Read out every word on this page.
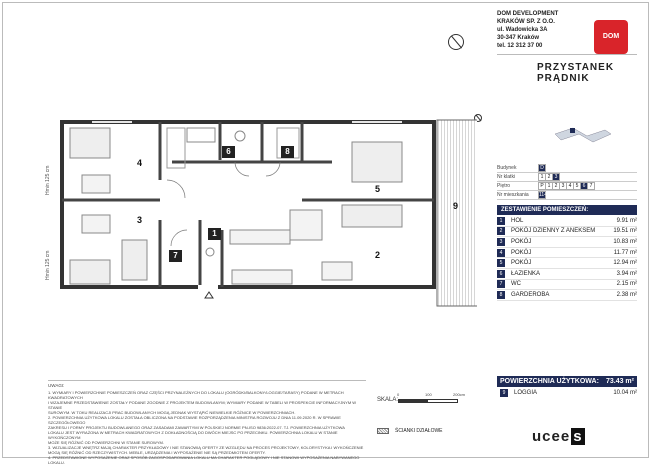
4
3
5
2
9
6	8
1
7
Hmin 125 cm
Hmin 125 cm
DOM DEVELOPMENT
KRAKÓW SP. Z O.O.
ul. Wadowicka 3A
30-347 Kraków
tel. 12 312 37 00
DOM
PRZYSTANEK
PRĄDNIK
Budynek	D
Nr klatki	1 2 3
Piętro	P 1 2 3 4 5 6 7
Nr mieszkania	114
ZESTAWIENIE POMIESZCZEŃ:
1	HOL	9.91 m²
2	POKÓJ DZIENNY Z ANEKSEM	19.51 m²
3	POKÓJ	10.83 m²
4	POKÓJ	11.77 m²
5	POKÓJ	12.94 m²
6	ŁAZIENKA	3.94 m²
7	WC	2.15 m²
8	GARDEROBA	2.38 m²
POWIERZCHNIA UŻYTKOWA:	73.43 m²
9	LOGGIA	10.04 m²
ucee s
UWAGI:
1. WYMIARY I POWIERZCHNIE POMIESZCZEŃ ORAZ CZĘŚCI PRZYNALEŻNYCH DO LOKALU (OGRÓDKI/BALKONY/LOGGIE/TARASY) PODANE W METRACH KWADRATOWYCH
I WZAJEMNE PRZEDSTAWIENIE ZOSTAŁY PODANE ZGODNIE Z PROJEKTEM BUDOWLANYM; WYMIARY PODANE W TABELI W PROSPEKCIE INFORMACYJNYM W STANIE
SUROWYM. W TOKU REALIZACJI PRAC BUDOWLANYCH MOGĄ JEDNAK WYSTĄPIĆ NIEWIELKIE RÓŻNICE W POWIERZCHNIACH.
2. POWIERZCHNIA UŻYTKOWA LOKALU ZOSTAŁA OBLICZONA NA PODSTAWIE ROZPORZĄDZENIA MINISTRA ROZWOJU Z DNIA 11.09.2020 R. W SPRAWIE SZCZEGÓŁOWEGO
ZAKRESU I FORMY PROJEKTU BUDOWLANEGO ORAZ ZASADAMI ZAWARTYMI W POLSKIEJ NORMIE PN-ISO 9836:2022-07. TJ. POWIERZCHNIA UŻYTKOWA
LOKALU JEST WYRAŻONA W METRACH KWADRATOWYCH Z DOKŁADNOŚCIĄ DO DWÓCH MIEJSC PO PRZECINKU. POWIERZCHNIA LOKALU W STANIE WYKOŃCZONYM
MOŻE SIĘ RÓŻNIĆ OD POWIERZCHNI W STANIE SUROWYM.
3. WIZUALIZACJE WNĘTRZ MAJĄ CHARAKTER PRZYKŁADOWY I NIE STANOWIĄ OFERTY ZE WZGLĘDU NA PROCES PROJEKTOWY, KOLORYSTYKA I WYKOŃCZENIE
MOGĄ SIĘ RÓŻNIĆ OD RZECZYWISTYCH. MEBLE, URZĄDZENIA I WYPOSAŻENIE NIE SĄ PRZEDMIOTEM OFERTY.
4. PRZEDSTAWIONE WYPOSAŻENIE ORAZ SPOSÓB ZAGOSPODAROWANIA LOKALU MA CHARAKTER POGLĄDOWY I NIE STANOWI WYPOSAŻENIA NABYWANEGO LOKALU.
SKALA:
0	100	200cm
ŚCIANKI DZIAŁOWE
